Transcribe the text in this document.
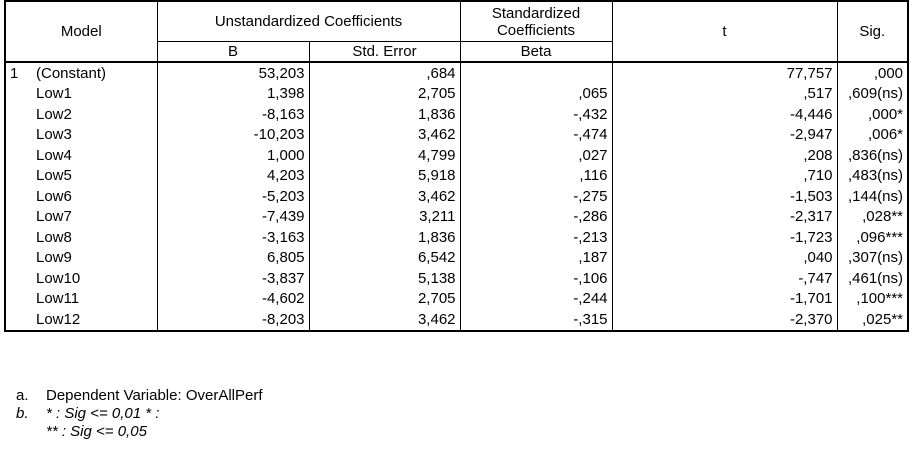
Model		Unstandardized Coefficients		Standardized
Coefficients	t	Sig.
		B	Std. Error	Beta		
1	(Constant)	53,203	,684		77,757	,000
	Low1	1,398	2,705	,065	,517	,609(ns)
	Low2	-8,163	1,836	-,432	-4,446	,000*
	Low3	-10,203	3,462	-,474	-2,947	,006*
	Low4	1,000	4,799	,027	,208	,836(ns)
	Low5	4,203	5,918	,116	,710	,483(ns)
	Low6	-5,203	3,462	-,275	-1,503	,144(ns)
	Low7	-7,439	3,211	-,286	-2,317	,028**
	Low8	-3,163	1,836	-,213	-1,723	,096***
	Low9	6,805	6,542	,187	,040	,307(ns)
	Low10	-3,837	5,138	-,106	-,747	,461(ns)
	Low11	-4,602	2,705	-,244	-1,701	,100***
	Low12	-8,203	3,462	-,315	-2,370	,025**
a.	Dependent Variable: OverAllPerf
b.	* : Sig <= 0,01 * :
** : Sig <= 0,05
